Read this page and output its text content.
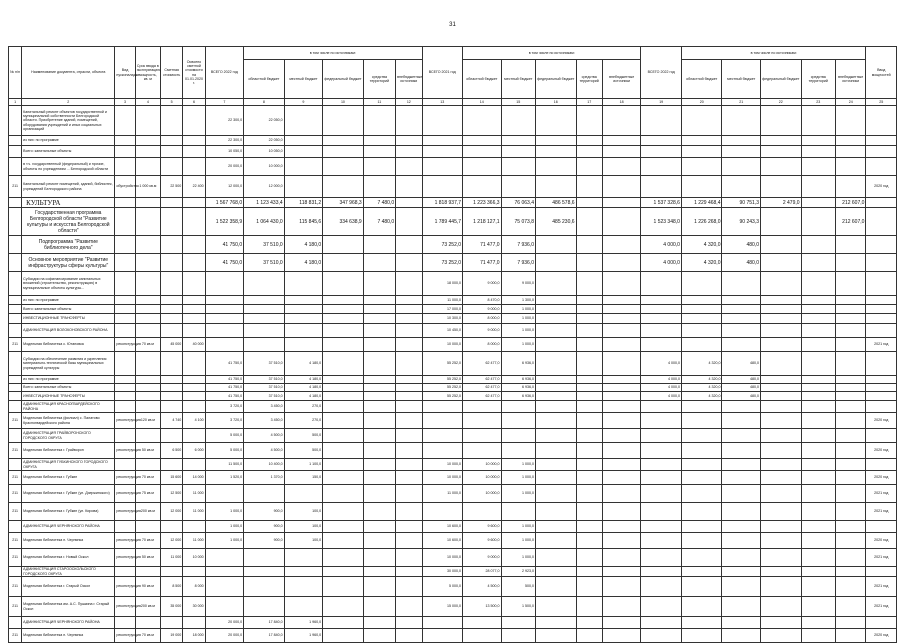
31
№ п/п	Наименование документа, отрасли, объекта	Вид пусконаладки	Срок ввода в эксплуатацию, мощность, кв. м	Сметная стоимость	Освоено сметной стоимости на 01.01.2020 г.	ВСЕГО 2022 год	в том числе по источникам:					ВСЕГО 2021 год	в том числе по источникам:					ВСЕГО 2022 год	в том числе по источникам:					Ввод мощностей
							областной бюджет	местный бюджет	федеральный бюджет	средства территорий	внебюджетные источники		областной бюджет	местный бюджет	федеральный бюджет	средства территорий	внебюджетные источники		областной бюджет	местный бюджет	федеральный бюджет	средства территорий	внебюджетные источники	
1	2	3	4	5	6	7	8	9	10	11	12	13	14	15	16	17	18	19	20	21	22	23	24	25
	Капитальный ремонт объектов государственной и муниципальной собственности Белгородской области. Приобретение зданий, помещений, оборудования учреждений и иных социальных организаций					22 300,0	22 050,0																	
	из них: по программе					22 300,0	22 050,0																	
	Всего: капитальные объекты					10 050,0	10 050,0																	
	в т.ч. государственный (федеральный) и прочие, объекты по учреждениям ... Белгородской области					20 000,0	10 000,0																	
211	Капитальный ремонт помещений, зданий, библиотек, учреждений Белгородского района	обустройство	1 000 кв.м	22 500	22 400	12 000,0	12 000,0																	2020 год
	КУЛЬТУРА					1 567 768,0	1 123 433,4	118 831,2	347 968,3	7 480,0		1 818 937,7	1 223 366,3	76 063,4	486 578,6			1 537 328,6	1 229 468,4	90 751,3	2 479,0		212 607,0	
	Государственная программа Белгородской области "Развитие культуры и искусства Белгородской области"					1 522 358,9	1 064 430,0	115 845,6	334 638,9	7 480,0		1 789 445,7	1 218 127,1	75 073,8	485 230,6			1 523 348,0	1 226 268,0	90 243,3			212 607,0	
	Подпрограмма "Развитие библиотечного дела"					41 750,0	37 510,0	4 180,0				73 252,0	71 477,0	7 936,0				4 000,0	4 320,0	480,0				
	Основное мероприятие "Развитие инфраструктуры сферы культуры"					41 750,0	37 510,0	4 180,0				73 252,0	71 477,0	7 936,0				4 000,0	4 320,0	480,0				
	Субсидии на софинансирование капитальных вложений (строительство, реконструкцию) в муниципальные объекты культуры...											18 000,0	9 000,0	9 000,0										
	из них: по программе											11 000,0	8 470,0	1 300,0										
	Всего: капитальные объекты											17 000,0	9 000,0	1 000,0										
	ИНВЕСТИЦИОННЫЕ ТРАНСФЕРТЫ											10 300,0	8 000,0	1 000,0										
	АДМИНИСТРАЦИЯ ВОЛОКОНОВСКОГО РАЙОНА											10 450,0	9 000,0	1 000,0										
211	Модельная библиотека с. Ютановка	реконструкция	70 кв.м	45 000	40 000							10 000,0	8 000,0	1 000,0										2021 год
	Субсидии на обеспечение развития и укрепления материально-технической базы муниципальных учреждений культуры					41 750,0	37 510,0	4 180,0				55 252,0	62 477,0	6 936,0				4 000,0	4 320,0	480,0				
	из них: по программе					41 750,0	37 510,0	4 180,0				55 252,0	62 477,0	6 936,0				4 000,0	4 320,0	480,0				
	Всего: капитальные объекты					41 750,0	37 510,0	4 180,0				55 252,0	62 477,0	6 936,0				4 000,0	4 320,0	480,0				
	ИНВЕСТИЦИОННЫЕ ТРАНСФЕРТЫ					41 750,0	37 510,0	4 180,0				55 252,0	62 477,0	6 936,0				4 000,0	4 320,0	480,0				
	АДМИНИСТРАЦИЯ КРАСНОГВАРДЕЙСКОГО РАЙОНА					3 720,0	3 450,0	270,0																
211	Модельная библиотека (филиал) с. Палатово Красногвардейского района	реконструкция	120 кв.м	4 740	4 100	3 720,0	3 450,0	270,0																2020 год
	АДМИНИСТРАЦИЯ ГРАЙВОРОНСКОГО ГОРОДСКОГО ОКРУГА					5 000,0	4 500,0	500,0																
211	Модельная библиотека г. Грайворон	реконструкция	50 кв.м	6 500	6 000	5 000,0	4 500,0	500,0																2020 год
	АДМИНИСТРАЦИЯ ГУБКИНСКОГО ГОРОДСКОГО ОКРУГА					11 500,0	10 400,0	1 100,0				10 000,0	10 000,0	1 000,0										
211	Модельная библиотека г. Губкин	реконструкция	70 кв.м	15 600	14 000	1 520,0	1 370,0	150,0				10 000,0	10 000,0	1 000,0										2020 год
211	Модельная библиотека г. Губкин (ул. Дзержинского)	реконструкция	75 кв.м	12 500	11 000							11 000,0	10 000,0	1 000,0										2021 год
211	Модельная библиотека г. Губкин (ул. Кирова)	реконструкция	200 кв.м	12 000	11 000	1 000,0	900,0	100,0																2021 год
	АДМИНИСТРАЦИЯ ЧЕРНЯНСКОГО РАЙОНА					1 000,0	900,0	100,0				10 600,0	9 600,0	1 000,0										
211	Модельная библиотека п. Чернянка	реконструкция	70 кв.м	12 000	11 000	1 000,0	900,0	100,0				10 600,0	9 600,0	1 000,0										2020 год
211	Модельная библиотека г. Новый Оскол	реконструкция	50 кв.м	11 000	10 000							10 000,0	9 000,0	1 000,0										2021 год
	АДМИНИСТРАЦИЯ СТАРООСКОЛЬСКОГО ГОРОДСКОГО ОКРУГА											30 000,0	28 077,0	2 923,0										
211	Модельная библиотека г. Старый Оскол	реконструкция	90 кв.м	8 500	8 000							5 000,0	4 500,0	500,0										2021 год
211	Модельная библиотека им. А.С. Пушкина г. Старый Оскол	реконструкция	200 кв.м	35 000	30 000							15 000,0	13 500,0	1 500,0										2021 год
	АДМИНИСТРАЦИЯ ЧЕРНЯНСКОГО РАЙОНА					20 000,0	17 840,0	1 960,0																
211	Модельная библиотека п. Чернянка	реконструкция	70 кв.м	19 000	18 000	20 000,0	17 840,0	1 960,0																2020 год
